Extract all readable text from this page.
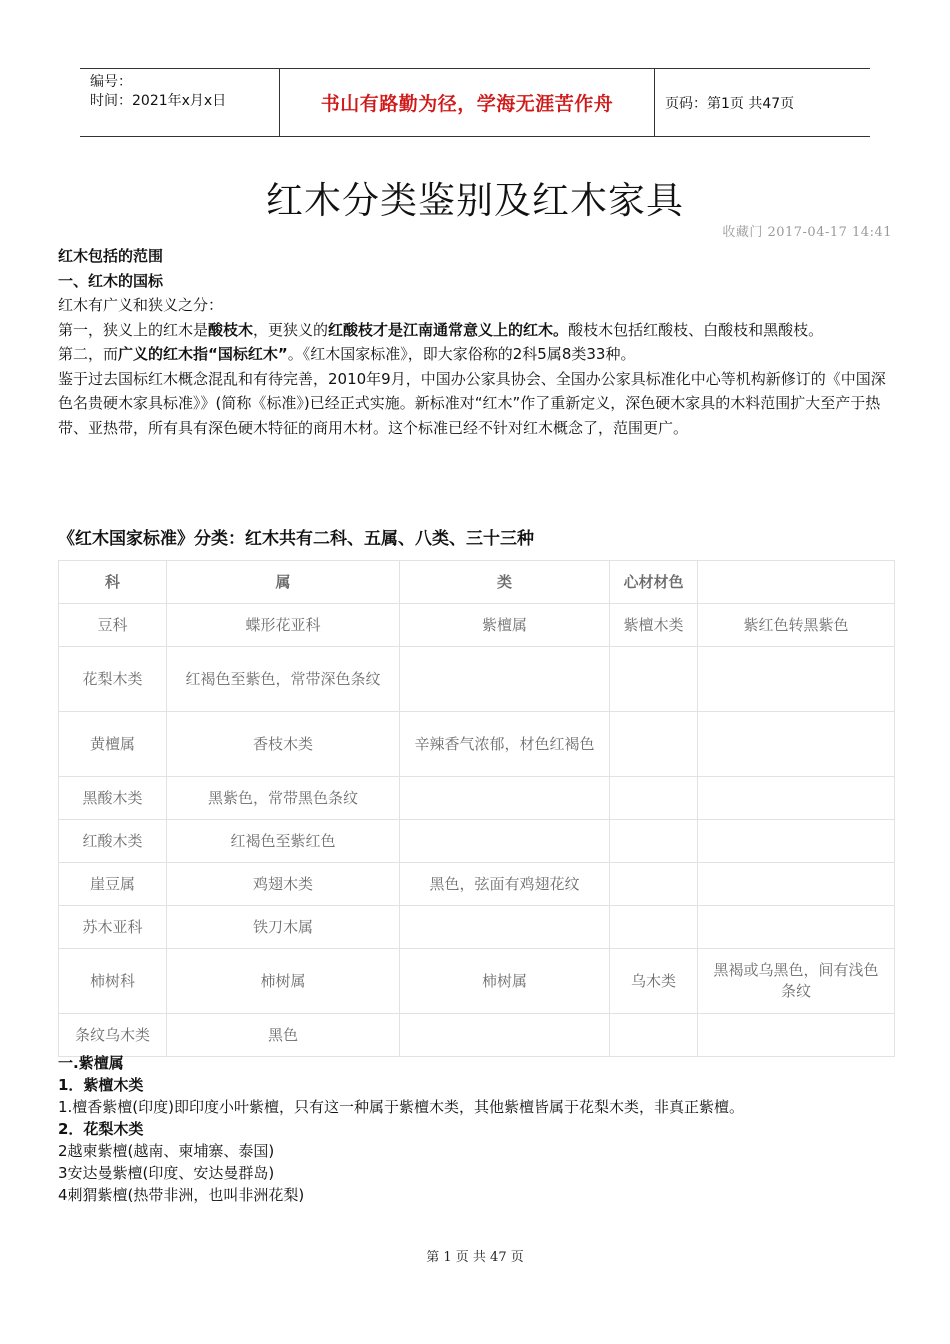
编号：
时间：2021年x月x日	书山有路勤为径，学海无涯苦作舟	页码：第1页 共47页
红木分类鉴别及红木家具
收藏门 2017-04-17 14:41

红木包括的范围

一、红木的国标

红木有广义和狭义之分：

第一，狭义上的红木是酸枝木，更狭义的红酸枝才是江南通常意义上的红木。酸枝木包括红酸枝、白酸枝和黑酸枝。

第二，而广义的红木指“国标红木”。《红木国家标准》，即大家俗称的2科5属8类33种。

鉴于过去国标红木概念混乱和有待完善，2010年9月，中国办公家具协会、全国办公家具标准化中心等机构新修订的《中国深色名贵硬木家具标准》》(简称《标准》)已经正式实施。新标准对“红木”作了重新定义，深色硬木家具的木料范围扩大至产于热带、亚热带，所有具有深色硬木特征的商用木材。这个标准已经不针对红木概念了，范围更广。

《红木国家标准》分类：红木共有二科、五属、八类、三十三种
科	属	类	心材材色	
豆科	蝶形花亚科	紫檀属	紫檀木类	紫红色转黑紫色
花梨木类	红褐色至紫色，常带深色条纹			
黄檀属	香枝木类	辛辣香气浓郁，材色红褐色		
黑酸木类	黑紫色，常带黑色条纹			
红酸木类	红褐色至紫红色			
崖豆属	鸡翅木类	黑色，弦面有鸡翅花纹		
苏木亚科	铁刀木属			
柿树科	柿树属	柿树属	乌木类	黑褐或乌黑色，间有浅色条纹
条纹乌木类	黑色			

一.紫檀属

1．紫檀木类

1.檀香紫檀(印度)即印度小叶紫檀，只有这一种属于紫檀木类，其他紫檀皆属于花梨木类，非真正紫檀。

2．花梨木类

2越柬紫檀(越南、柬埔寨、泰国)

3安达曼紫檀(印度、安达曼群岛)

4刺猬紫檀(热带非洲，也叫非洲花梨)

第 1 页 共 47 页
